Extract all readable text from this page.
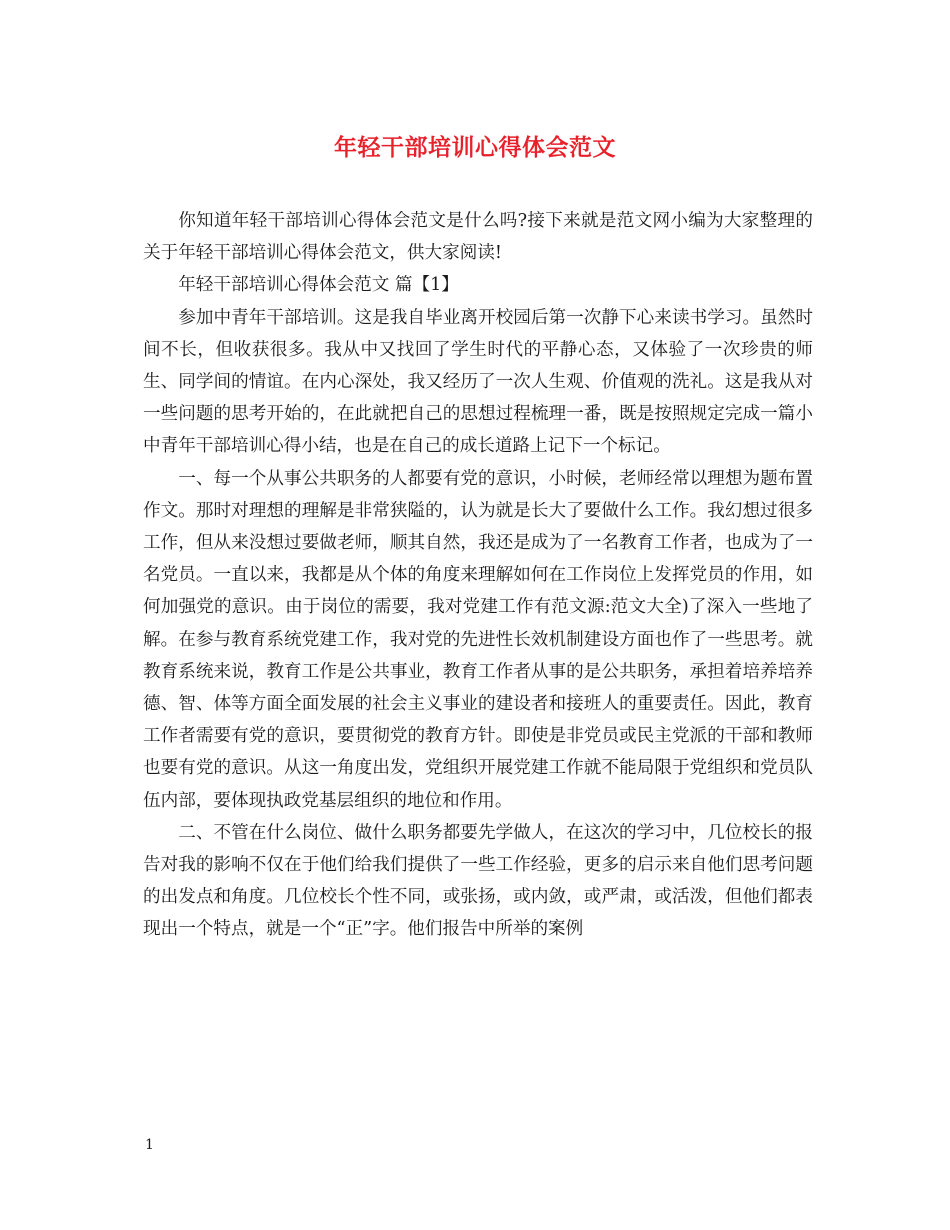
年轻干部培训心得体会范文

你知道年轻干部培训心得体会范文是什么吗?接下来就是范文网小编为大家整理的关于年轻干部培训心得体会范文，供大家阅读!

年轻干部培训心得体会范文 篇【1】

参加中青年干部培训。这是我自毕业离开校园后第一次静下心来读书学习。虽然时间不长，但收获很多。我从中又找回了学生时代的平静心态，又体验了一次珍贵的师生、同学间的情谊。在内心深处，我又经历了一次人生观、价值观的洗礼。这是我从对一些问题的思考开始的，在此就把自己的思想过程梳理一番，既是按照规定完成一篇小中青年干部培训心得小结，也是在自己的成长道路上记下一个标记。

一、每一个从事公共职务的人都要有党的意识，小时候，老师经常以理想为题布置作文。那时对理想的理解是非常狭隘的，认为就是长大了要做什么工作。我幻想过很多工作，但从来没想过要做老师，顺其自然，我还是成为了一名教育工作者，也成为了一名党员。一直以来，我都是从个体的角度来理解如何在工作岗位上发挥党员的作用，如何加强党的意识。由于岗位的需要，我对党建工作有范文源:范文大全)了深入一些地了解。在参与教育系统党建工作，我对党的先进性长效机制建设方面也作了一些思考。就教育系统来说，教育工作是公共事业，教育工作者从事的是公共职务，承担着培养培养德、智、体等方面全面发展的社会主义事业的建设者和接班人的重要责任。因此，教育工作者需要有党的意识，要贯彻党的教育方针。即使是非党员或民主党派的干部和教师也要有党的意识。从这一角度出发，党组织开展党建工作就不能局限于党组织和党员队伍内部，要体现执政党基层组织的地位和作用。

二、不管在什么岗位、做什么职务都要先学做人，在这次的学习中，几位校长的报告对我的影响不仅在于他们给我们提供了一些工作经验，更多的启示来自他们思考问题的出发点和角度。几位校长个性不同，或张扬，或内敛，或严肃，或活泼，但他们都表现出一个特点，就是一个“正”字。他们报告中所举的案例

1
